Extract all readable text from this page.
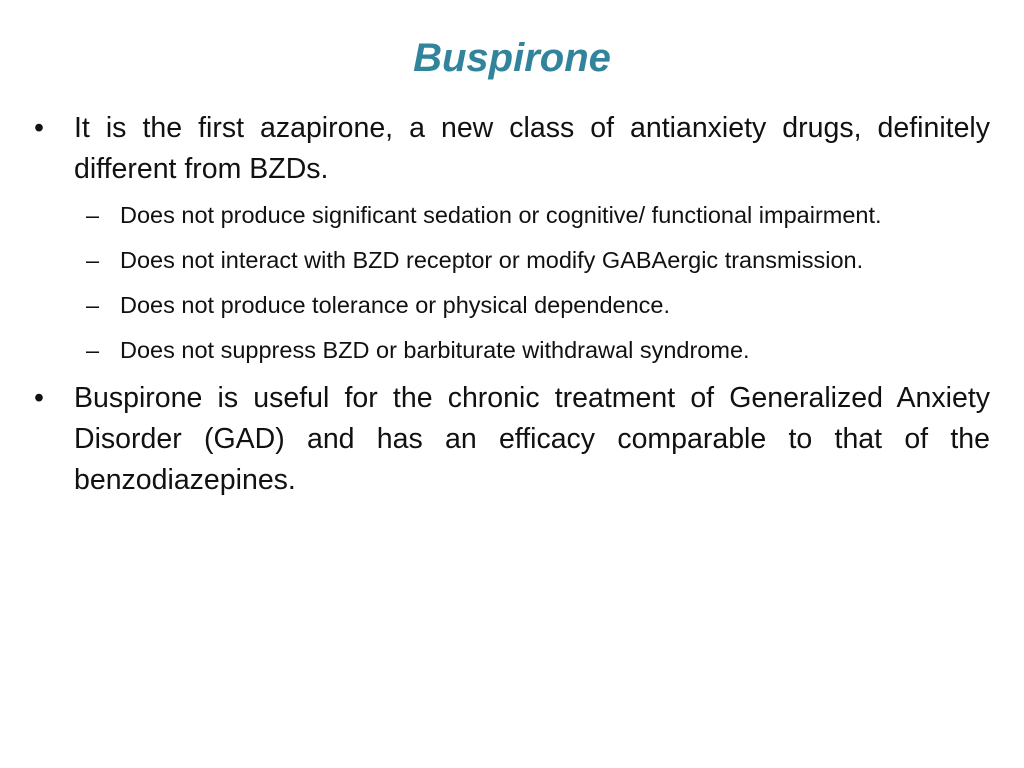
Buspirone
•	It is the first azapirone, a new class of antianxiety drugs, definitely different from BZDs.
– Does not produce significant sedation or cognitive/ functional impairment.
– Does not interact with BZD receptor or modify GABAergic transmission.
– Does not produce tolerance or physical dependence.
– Does not suppress BZD or barbiturate withdrawal syndrome.
•	Buspirone is useful for the chronic treatment of Generalized Anxiety Disorder (GAD) and has an efficacy comparable to that of the benzodiazepines.
